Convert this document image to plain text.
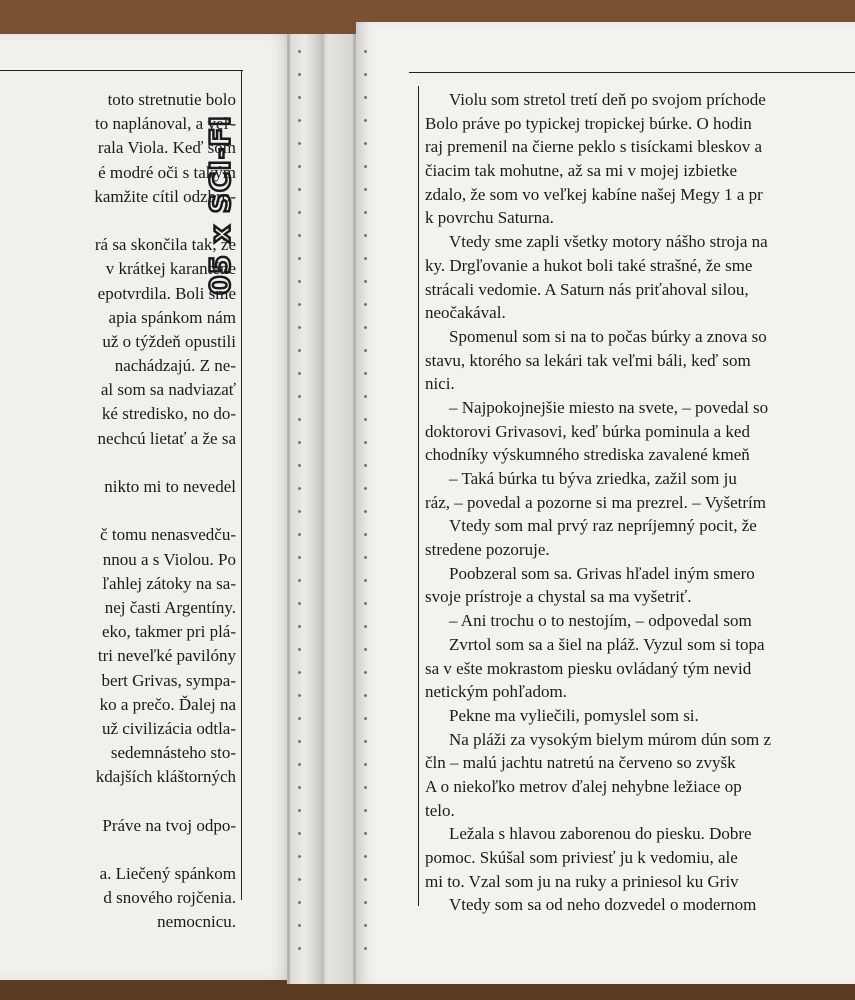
05 x SCI-FI
toto stretnutie bolo
to naplánoval, a veľ-
rala Viola. Keď som
é modré oči s takým
kamžite cítil odzbro-
rá sa skončila tak, že
v krátkej karanténe
epotvrdila. Boli sme
apia spánkom nám
už o týždeň opustili
nachádzajú. Z ne-
al som sa nadviazať
ké stredisko, no do-
nechcú lietať a že sa
nikto mi to nevedel
č tomu nenasvedču-
nnou a s Violou. Po
ľahlej zátoky na sa-
nej časti Argentíny.
eko, takmer pri plá-
tri neveľké pavilóny
bert Grivas, sympa-
ko a prečo. Ďalej na
už civilizácia odtla-
sedemnásteho sto-
kdajších kláštorných
Práve na tvoj odpo-
a. Liečený spánkom
d snového rojčenia.
nemocnicu.
Violu som stretol tretí deň po svojom príchode
Bolo práve po typickej tropickej búrke. O hodin
raj premenil na čierne peklo s tisíckami bleskov a
čiacim tak mohutne, až sa mi v mojej izbietke
zdalo, že som vo veľkej kabíne našej Megy 1 a pr
k povrchu Saturna.
Vtedy sme zapli všetky motory nášho stroja na
ky. Drgľovanie a hukot boli také strašné, že sme
strácali vedomie. A Saturn nás priťahoval silou,
neočakával.
Spomenul som si na to počas búrky a znova so
stavu, ktorého sa lekári tak veľmi báli, keď som
nici.
– Najpokojnejšie miesto na svete, – povedal so
doktorovi Grivasovi, keď búrka pominula a ked
chodníky výskumného strediska zavalené kmeň
– Taká búrka tu býva zriedka, zažil som ju
ráz, – povedal a pozorne si ma prezrel. – Vyšetrím
Vtedy som mal prvý raz nepríjemný pocit, že
stredene pozoruje.
Poobzeral som sa. Grivas hľadel iným smero
svoje prístroje a chystal sa ma vyšetriť.
– Ani trochu o to nestojím, – odpovedal som
Zvrtol som sa a šiel na pláž. Vyzul som si topa
sa v ešte mokrastom piesku ovládaný tým nevid
netickým pohľadom.
Pekne ma vyliečili, pomyslel som si.
Na pláži za vysokým bielym múrom dún som z
čln – malú jachtu natretú na červeno so zvyšk
A o niekoľko metrov ďalej nehybne ležiace op
telo.
Ležala s hlavou zaborenou do piesku. Dobre
pomoc. Skúšal som priviesť ju k vedomiu, ale
mi to. Vzal som ju na ruky a priniesol ku Griv
Vtedy som sa od neho dozvedel o modernom
